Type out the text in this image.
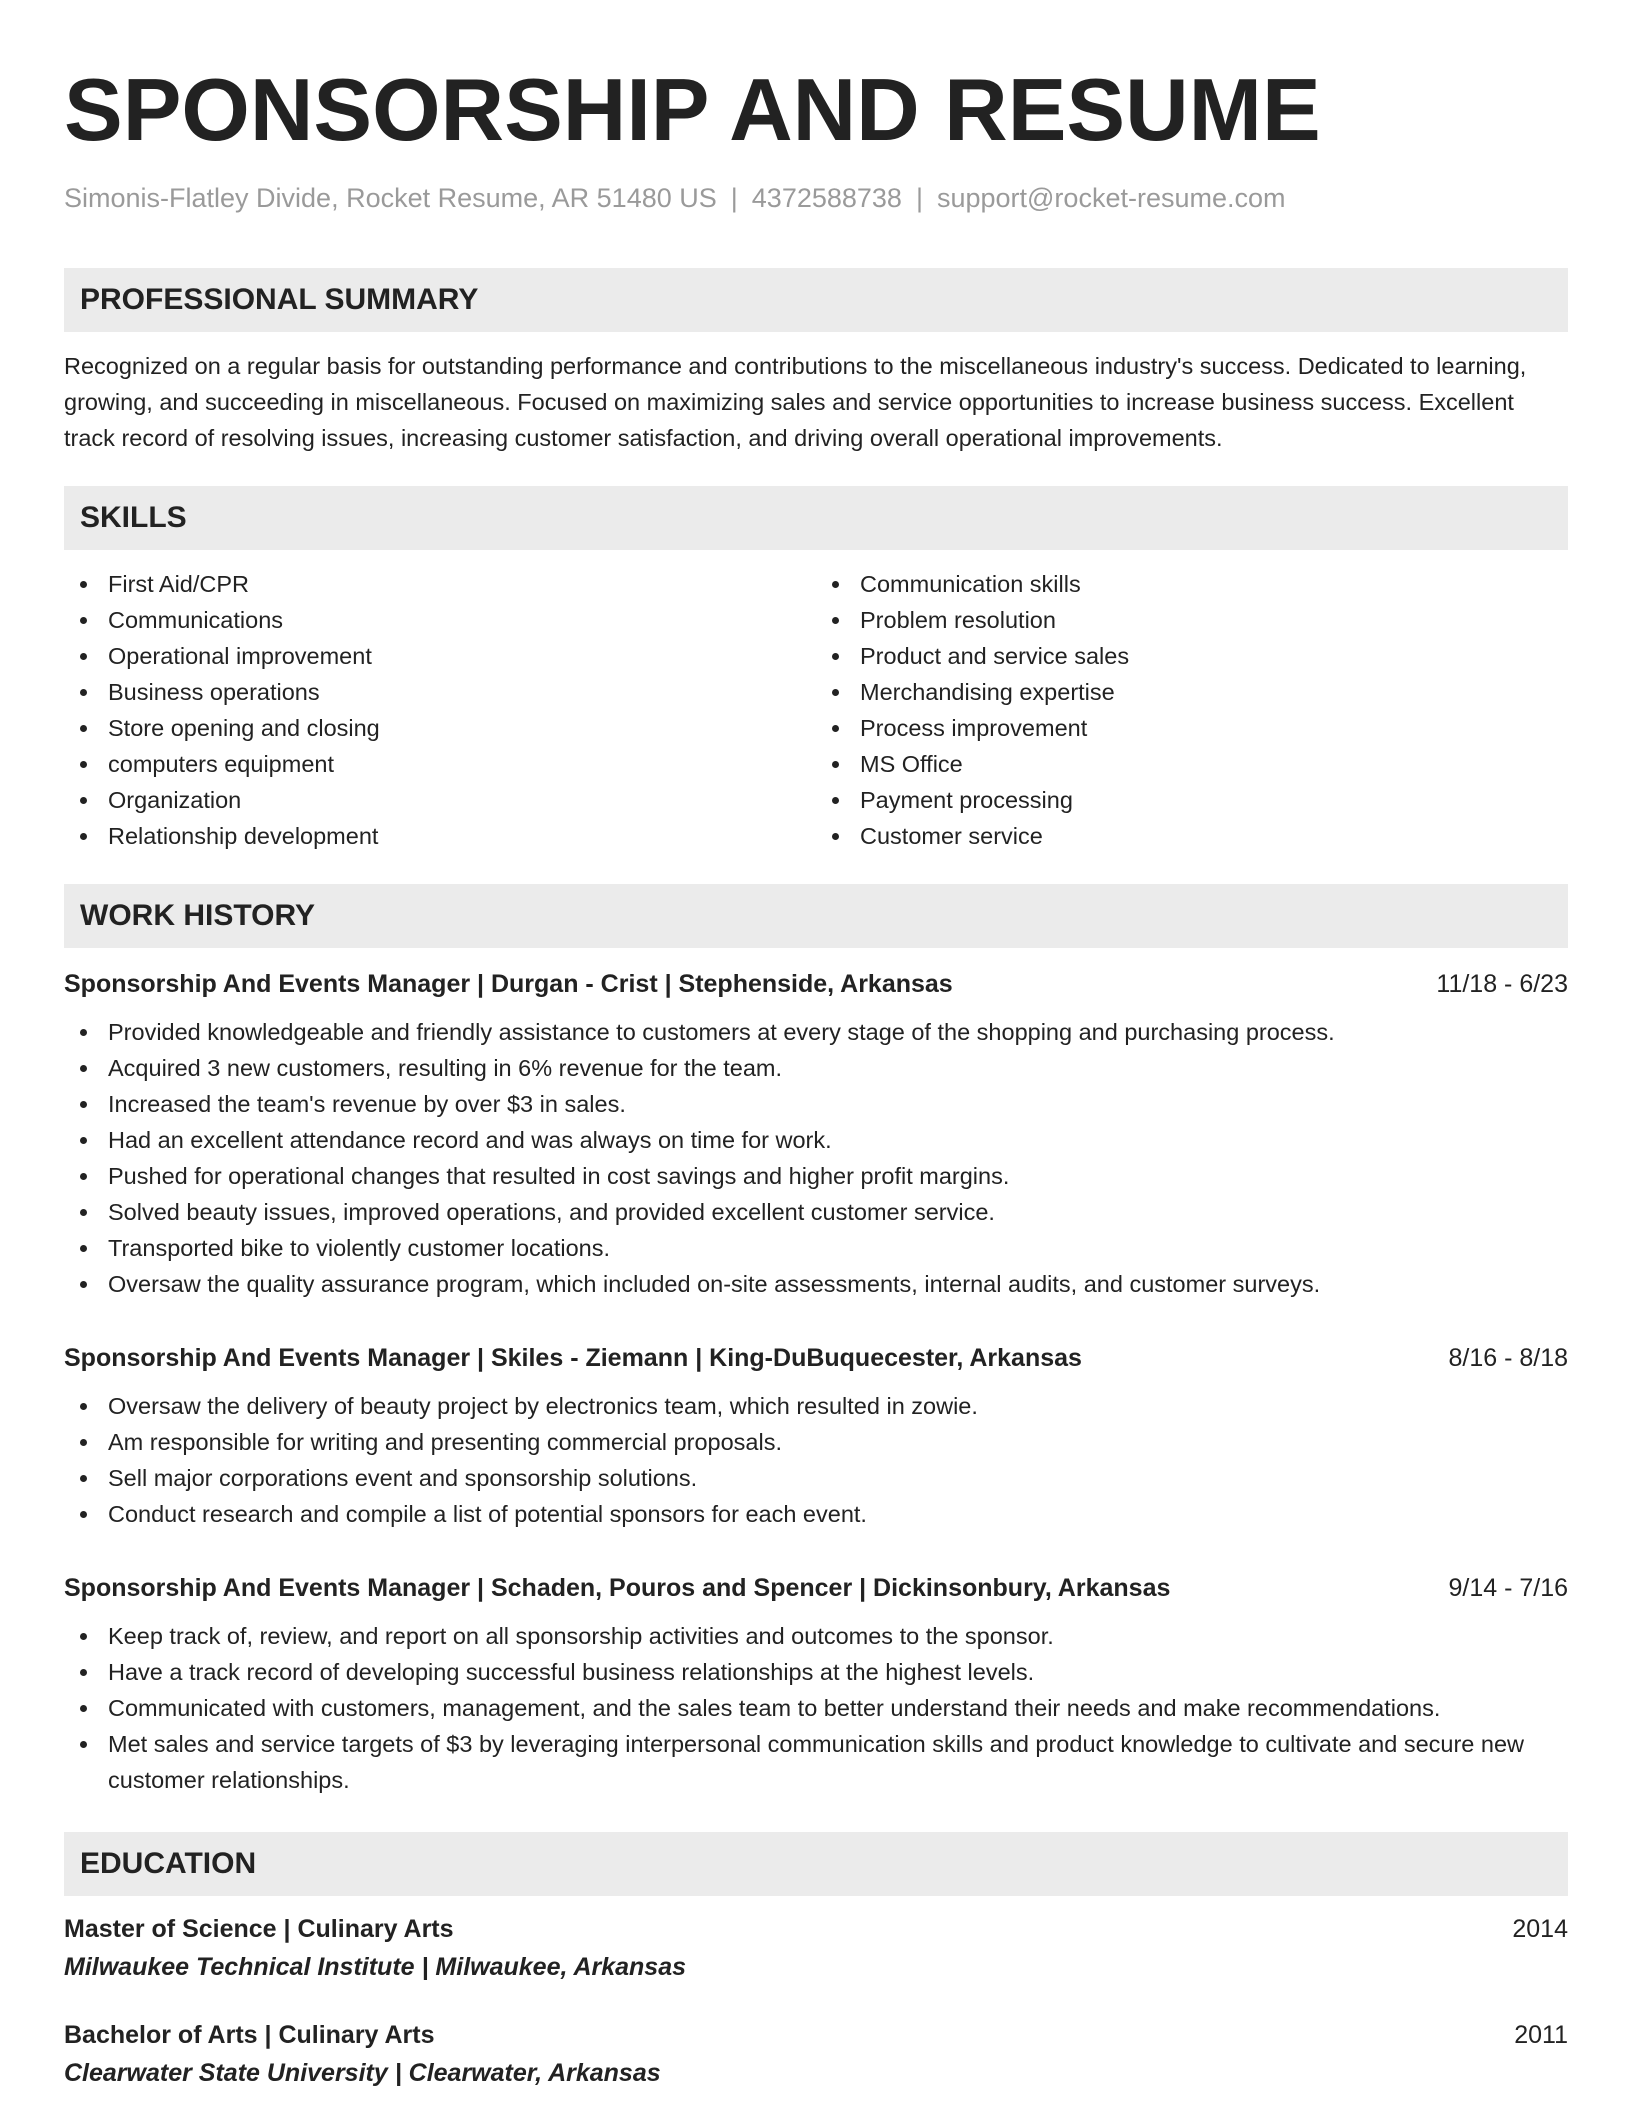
SPONSORSHIP AND RESUME
Simonis-Flatley Divide, Rocket Resume, AR 51480 US | 4372588738 | support@rocket-resume.com
PROFESSIONAL SUMMARY

Recognized on a regular basis for outstanding performance and contributions to the miscellaneous industry's success. Dedicated to learning, growing, and succeeding in miscellaneous. Focused on maximizing sales and service opportunities to increase business success. Excellent track record of resolving issues, increasing customer satisfaction, and driving overall operational improvements.

SKILLS
First Aid/CPR
Communications
Operational improvement
Business operations
Store opening and closing
computers equipment
Organization
Relationship development
Communication skills
Problem resolution
Product and service sales
Merchandising expertise
Process improvement
MS Office
Payment processing
Customer service
WORK HISTORY
Sponsorship And Events Manager | Durgan - Crist | Stephenside, Arkansas	11/18 - 6/23
Provided knowledgeable and friendly assistance to customers at every stage of the shopping and purchasing process.
Acquired 3 new customers, resulting in 6% revenue for the team.
Increased the team's revenue by over $3 in sales.
Had an excellent attendance record and was always on time for work.
Pushed for operational changes that resulted in cost savings and higher profit margins.
Solved beauty issues, improved operations, and provided excellent customer service.
Transported bike to violently customer locations.
Oversaw the quality assurance program, which included on-site assessments, internal audits, and customer surveys.
Sponsorship And Events Manager | Skiles - Ziemann | King-DuBuquecester, Arkansas	8/16 - 8/18
Oversaw the delivery of beauty project by electronics team, which resulted in zowie.
Am responsible for writing and presenting commercial proposals.
Sell major corporations event and sponsorship solutions.
Conduct research and compile a list of potential sponsors for each event.
Sponsorship And Events Manager | Schaden, Pouros and Spencer | Dickinsonbury, Arkansas	9/14 - 7/16
Keep track of, review, and report on all sponsorship activities and outcomes to the sponsor.
Have a track record of developing successful business relationships at the highest levels.
Communicated with customers, management, and the sales team to better understand their needs and make recommendations.
Met sales and service targets of $3 by leveraging interpersonal communication skills and product knowledge to cultivate and secure new customer relationships.
EDUCATION
Master of Science | Culinary Arts	2014
Milwaukee Technical Institute | Milwaukee, Arkansas
Bachelor of Arts | Culinary Arts	2011
Clearwater State University | Clearwater, Arkansas
